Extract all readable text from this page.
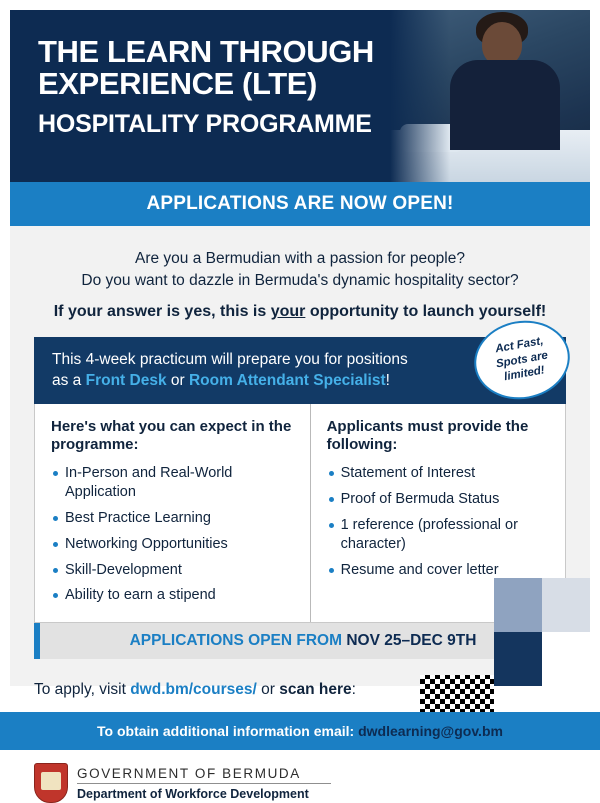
THE LEARN THROUGH
EXPERIENCE (LTE)
HOSPITALITY PROGRAMME
APPLICATIONS ARE NOW OPEN!
Are you a Bermudian with a passion for people?
Do you want to dazzle in Bermuda's dynamic hospitality sector?
If your answer is yes, this is your opportunity to launch yourself!
This 4-week practicum will prepare you for positions
as a Front Desk or Room Attendant Specialist!
Act Fast,
Spots are
limited!
Here's what you can expect in the programme:
In-Person and Real-World Application
Best Practice Learning
Networking Opportunities
Skill-Development
Ability to earn a stipend
Applicants must provide the following:
Statement of Interest
Proof of Bermuda Status
1 reference (professional or character)
Resume and cover letter
APPLICATIONS OPEN FROM NOV 25–DEC 9TH
To apply, visit dwd.bm/courses/ or scan here:
GOVERNMENT OF BERMUDA
Department of Workforce Development
To obtain additional information email: dwdlearning@gov.bm
